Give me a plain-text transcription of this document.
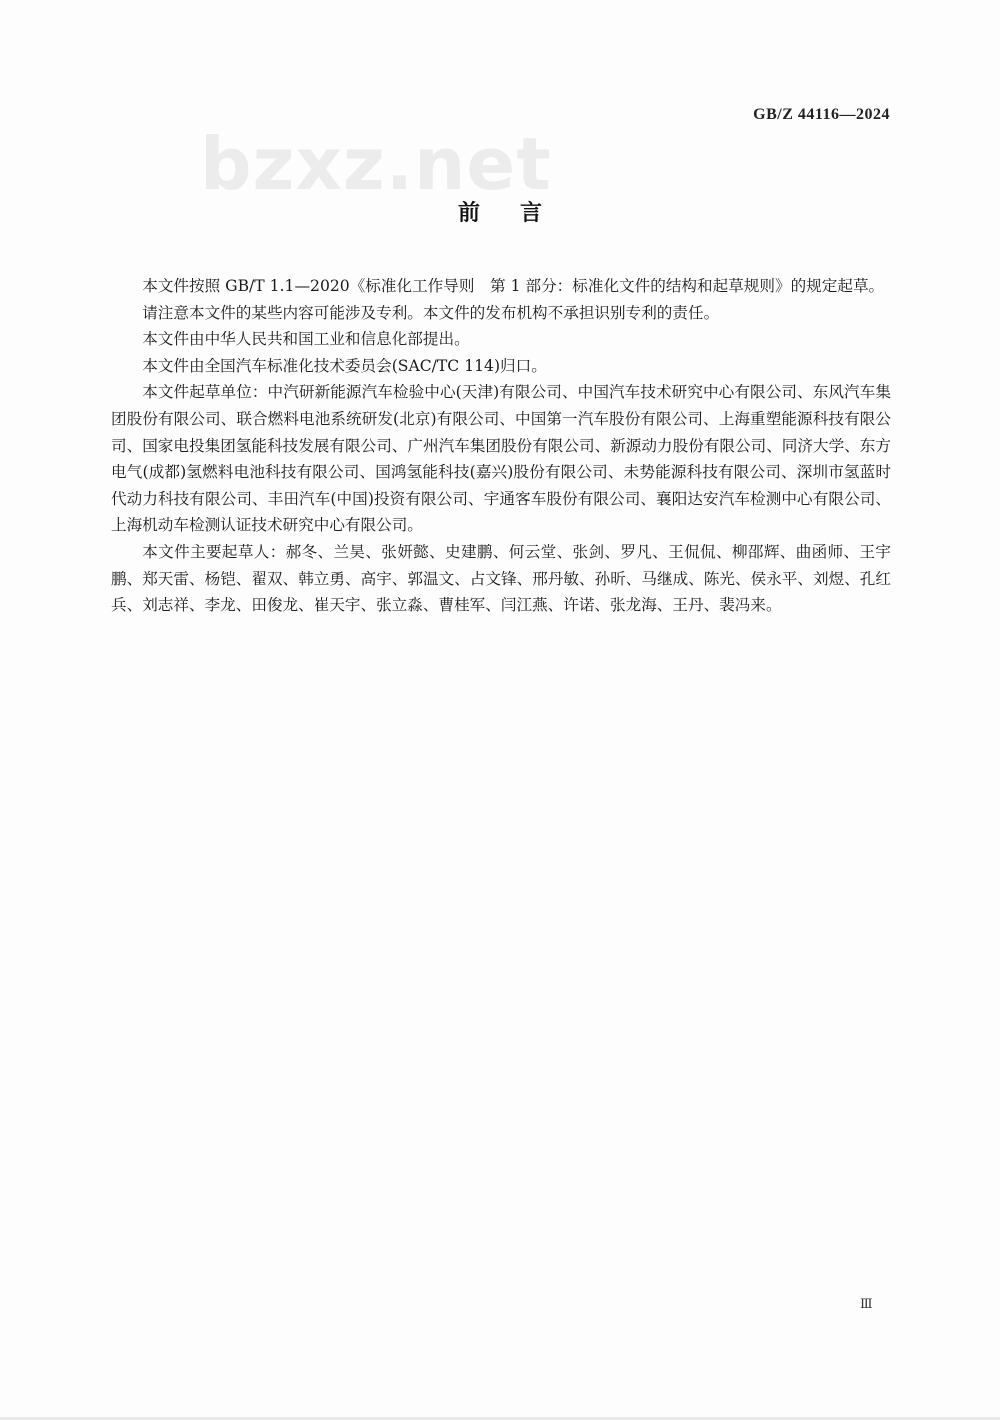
GB/Z 44116—2024
bzxz.net
前言

本文件按照 GB/T 1.1—2020《标准化工作导则　第 1 部分：标准化文件的结构和起草规则》的规定起草。

请注意本文件的某些内容可能涉及专利。本文件的发布机构不承担识别专利的责任。

本文件由中华人民共和国工业和信息化部提出。

本文件由全国汽车标准化技术委员会(SAC/TC 114)归口。

本文件起草单位：中汽研新能源汽车检验中心(天津)有限公司、中国汽车技术研究中心有限公司、东风汽车集团股份有限公司、联合燃料电池系统研发(北京)有限公司、中国第一汽车股份有限公司、上海重塑能源科技有限公司、国家电投集团氢能科技发展有限公司、广州汽车集团股份有限公司、新源动力股份有限公司、同济大学、东方电气(成都)氢燃料电池科技有限公司、国鸿氢能科技(嘉兴)股份有限公司、未势能源科技有限公司、深圳市氢蓝时代动力科技有限公司、丰田汽车(中国)投资有限公司、宇通客车股份有限公司、襄阳达安汽车检测中心有限公司、上海机动车检测认证技术研究中心有限公司。

本文件主要起草人：郝冬、兰昊、张妍懿、史建鹏、何云堂、张剑、罗凡、王侃侃、柳邵辉、曲函师、王宇鹏、郑天雷、杨铠、翟双、韩立勇、高宇、郭温文、占文锋、邢丹敏、孙昕、马继成、陈光、侯永平、刘煜、孔红兵、刘志祥、李龙、田俊龙、崔天宇、张立淼、曹桂军、闫江燕、许诺、张龙海、王丹、裴冯来。

Ⅲ
